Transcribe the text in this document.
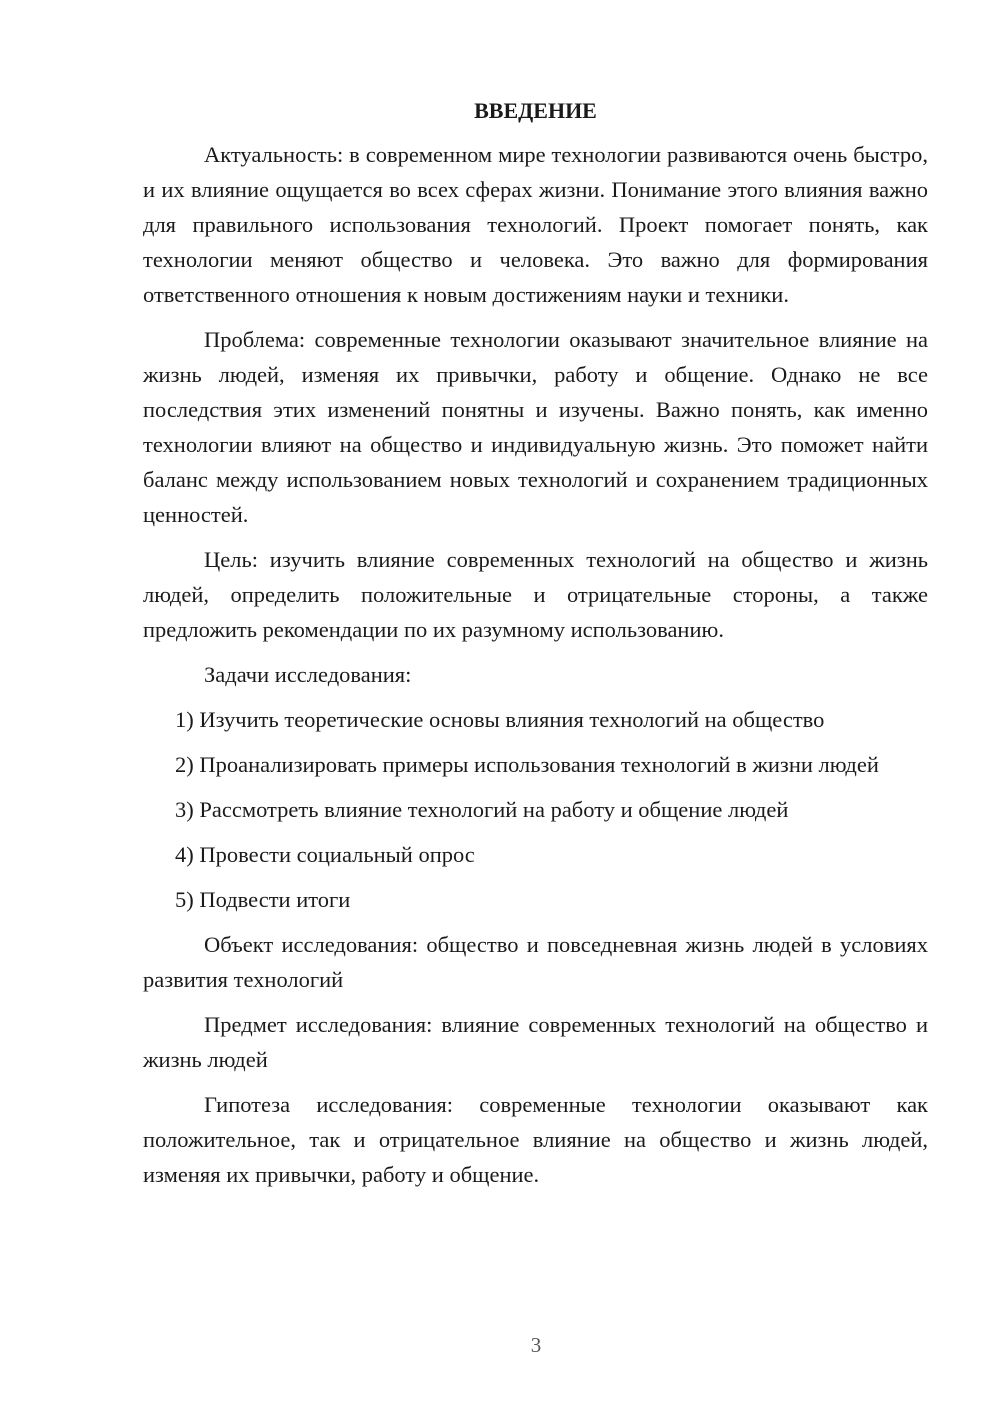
ВВЕДЕНИЕ

Актуальность: в современном мире технологии развиваются очень быстро, и их влияние ощущается во всех сферах жизни. Понимание этого влияния важно для правильного использования технологий. Проект помогает понять, как технологии меняют общество и человека. Это важно для формирования ответственного отношения к новым достижениям науки и техники.

Проблема: современные технологии оказывают значительное влияние на жизнь людей, изменяя их привычки, работу и общение. Однако не все последствия этих изменений понятны и изучены. Важно понять, как именно технологии влияют на общество и индивидуальную жизнь. Это поможет найти баланс между использованием новых технологий и сохранением традиционных ценностей.

Цель: изучить влияние современных технологий на общество и жизнь людей, определить положительные и отрицательные стороны, а также предложить рекомендации по их разумному использованию.

Задачи исследования:

1) Изучить теоретические основы влияния технологий на общество

2) Проанализировать примеры использования технологий в жизни людей

3) Рассмотреть влияние технологий на работу и общение людей

4) Провести социальный опрос

5) Подвести итоги

Объект исследования: общество и повседневная жизнь людей в условиях развития технологий

Предмет исследования: влияние современных технологий на общество и жизнь людей

Гипотеза исследования: современные технологии оказывают как положительное, так и отрицательное влияние на общество и жизнь людей, изменяя их привычки, работу и общение.

3
